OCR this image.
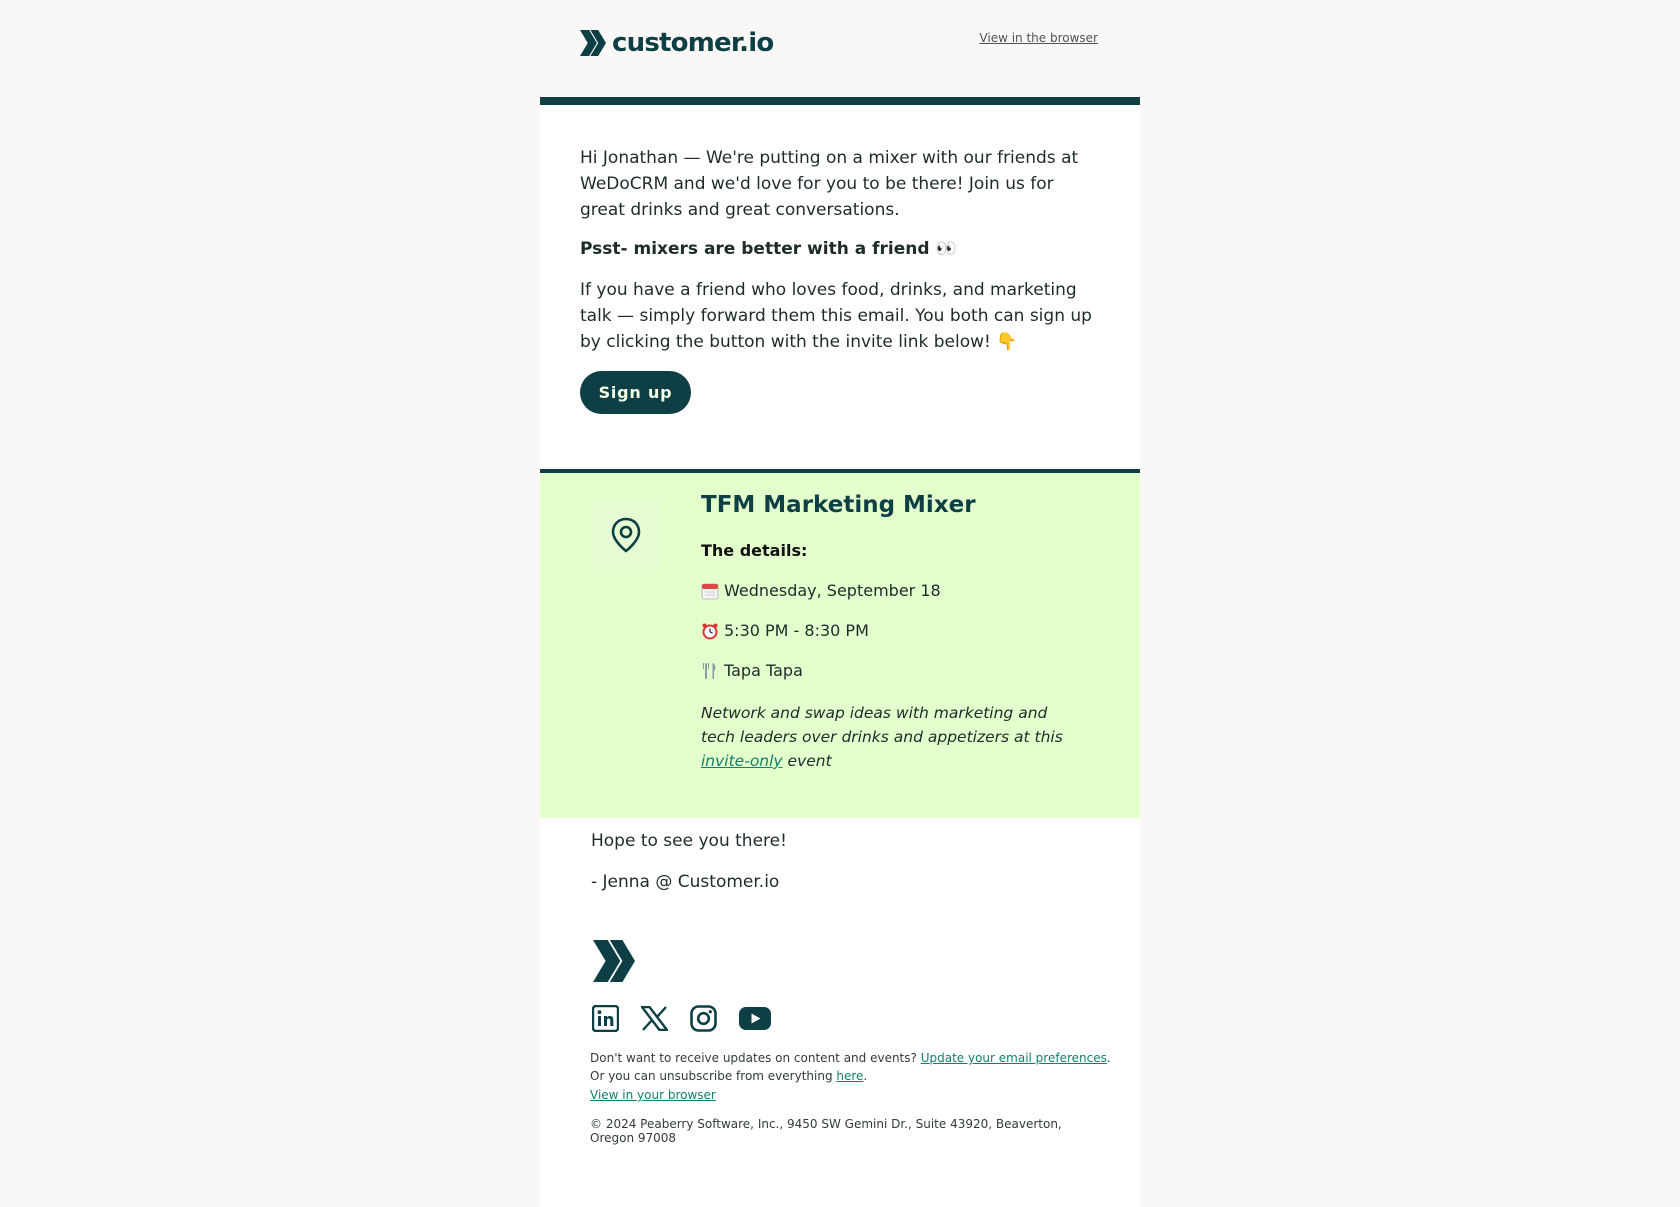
customer.io	View in the browser

Hi Jonathan — We're putting on a mixer with our friends at WeDoCRM and we'd love for you to be there! Join us for great drinks and great conversations.

Psst- mixers are better with a friend 👀

If you have a friend who loves food, drinks, and marketing talk — simply forward them this email. You both can sign up by clicking the button with the invite link below! 👇

Sign up
TFM Marketing Mixer
The details:
Wednesday, September 18
5:30 PM - 8:30 PM
Tapa Tapa

Network and swap ideas with marketing and tech leaders over drinks and appetizers at this invite-only event

Hope to see you there!

- Jenna @ Customer.io

Don't want to receive updates on content and events? Update your email preferences.

Or you can unsubscribe from everything here.

View in your browser

© 2024 Peaberry Software, Inc., 9450 SW Gemini Dr., Suite 43920, Beaverton, Oregon 97008
